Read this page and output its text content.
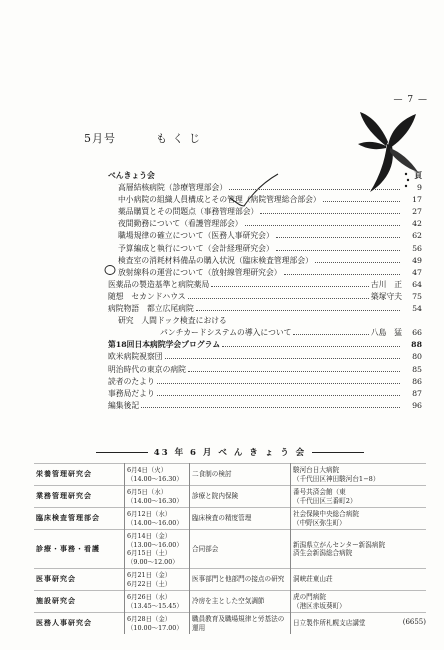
— 7 —
5月号	も く じ
べんきょう会	頁
高層結核病院（診療管理部会）	9
中小病院の組織人員構成とその管理（病院管理総合部会）	17
薬品購買とその問題点（事務管理部会）	27
夜間勤務について（看護管理部会）	42
職場規律の確立について（医務人事研究会）	62
予算編成と執行について（会計経理研究会）	56
検査室の消耗材料備品の購入状況（臨床検査管理部会）	49
放射線科の運営について（放射線管理研究会）	47
医薬品の製造基準と病院薬局	古川　正	64
随想　セカンドハウス	築塚守夫	75
病院物語　都立広尾病院	54
研究　人間ドック検査における
パンチカードシステムの導入について	八島　猛	66
第18回日本病院学会プログラム	88
欧米病院視察団	80
明治時代の東京の病院	85
読者のたより	86
事務局だより	87
編集後記	96
43 年 6 月 べ ん き ょ う 会
栄養管理研究会	6月4日（火）
（14.00～16.30）	二食制の検討	駿河台日大病院
（千代田区神田駿河台1−8）
業務管理研究会	6月5日（水）
（14.00～16.30）	診療と院内保険	番号共済会館（東
（千代田区三番町2）
臨床検査管理部会	6月12日（水）
（14.00～16.00）	臨床検査の精度管理	社会保険中央総合病院
（中野区弥生町）
診療・事務・看護	6月14日（金）
（13.00～16.00）
6月15日（土）
（9.00～12.00）	合同部会	新潟県立がんセンター新潟病院
済生会新潟総合病院
医事研究会	6月21日（金）
6月22日（土）	医事部門と他部門の接点の研究	洞峡荘東山荘
施設研究会	6月26日（水）
（13.45～15.45）	冷房を主とした空気調節	虎の門病院
（港区赤坂葵町）
医務人事研究会	6月28日（金）
（10.00～17.00）	職員教育及職場規律と労基法の運用	日立製作所札幌支店講堂	(6655)
